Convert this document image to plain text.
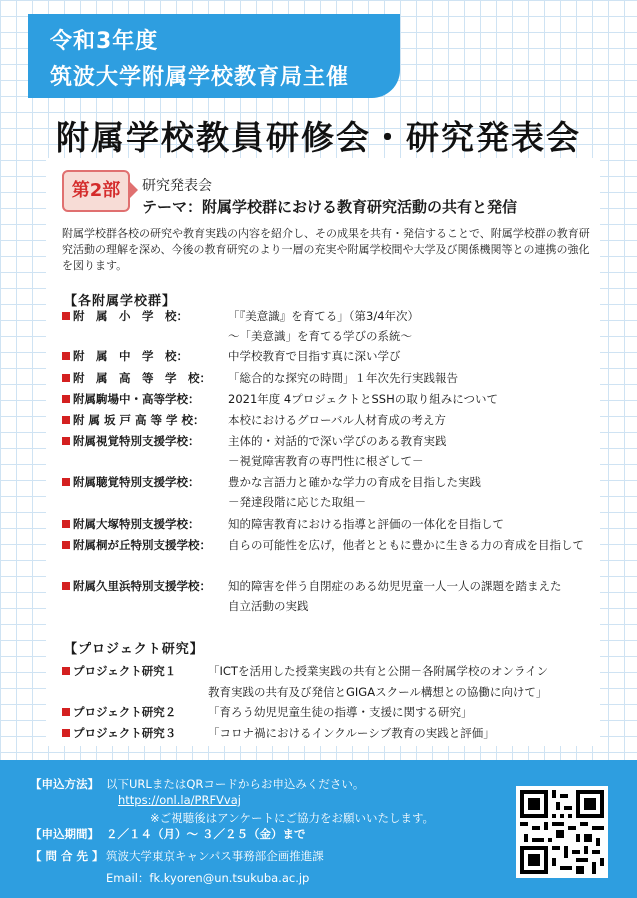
令和3年度
筑波大学附属学校教育局主催
附属学校教員研修会・研究発表会
第2部	研究発表会
テーマ：附属学校群における教育研究活動の共有と発信
附属学校群各校の研究や教育実践の内容を紹介し、その成果を共有・発信することで、附属学校群の教育研究活動の理解を深め、今後の教育研究のより一層の充実や附属学校間や大学及び関係機関等との連携の強化を図ります。
【各附属学校群】
附　属　小　学　校：	「『美意識』を育てる」（第3/4年次）
～「美意識」を育てる学びの系統～
附　属　中　学　校：	中学校教育で目指す真に深い学び
附　属　高　等　学　校： 「総合的な探究の時間」１年次先行実践報告
附属駒場中・高等学校： 2021年度 4プロジェクトとSSHの取り組みについて
附 属 坂 戸 高 等 学 校： 本校におけるグローバル人材育成の考え方
附属視覚特別支援学校： 主体的・対話的で深い学びのある教育実践
－視覚障害教育の専門性に根ざして－
附属聴覚特別支援学校： 豊かな言語力と確かな学力の育成を目指した実践
－発達段階に応じた取組－
附属大塚特別支援学校： 知的障害教育における指導と評価の一体化を目指して
附属桐が丘特別支援学校： 自らの可能性を広げ，他者とともに豊かに生きる力の育成を目指して
附属久里浜特別支援学校： 知的障害を伴う自閉症のある幼児児童一人一人の課題を踏まえた
自立活動の実践
【プロジェクト研究】
プロジェクト研究１	「ICTを活用した授業実践の共有と公開－各附属学校のオンライン
教育実践の共有及び発信とGIGAスクール構想との協働に向けて」
プロジェクト研究２	「育ろう幼児児童生徒の指導・支援に関する研究」
プロジェクト研究３	「コロナ禍におけるインクルーシブ教育の実践と評価」
【申込方法】 以下URLまたはQRコードからお申込みください。
https://onl.la/PRFVvaj
※ご視聴後はアンケートにご協力をお願いいたします。
【申込期間】 ２／１４（月）～ ３／２５（金）まで
【 問 合 先 】 筑波大学東京キャンパス事務部企画推進課
Email：fk.kyoren@un.tsukuba.ac.jp
